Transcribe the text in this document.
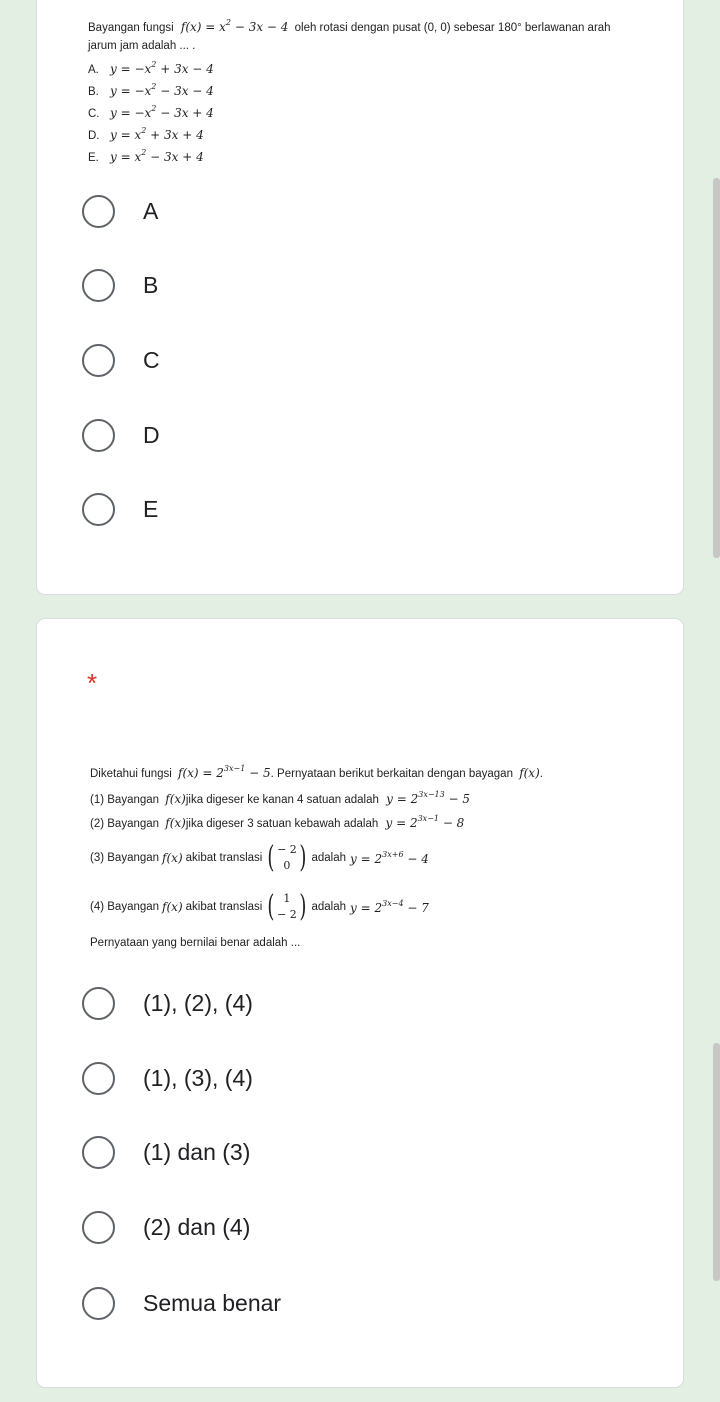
Bayangan fungsi $f(x) = x^2 - 3x - 4$ oleh rotasi dengan pusat (0, 0) sebesar 180° berlawanan arah
jarum jam adalah ... .
A. $y = -x^2 + 3x - 4$
B. $y = -x^2 - 3x - 4$
C. $y = -x^2 - 3x + 4$
D. $y = x^2 + 3x + 4$
E. $y = x^2 - 3x + 4$
A
B
C
D
E
*
Diketahui fungsi $f(x) = 2^{3x-1} - 5$. Pernyataan berikut berkaitan dengan bayagan f(x).
(1) Bayangan f(x)jika digeser ke kanan 4 satuan adalah $y = 2^{3x-13} - 5$
(2) Bayangan f(x)jika digeser 3 satuan kebawah adalah $y = 2^{3x-1} - 8$
(3) Bayangan f(x) akibat translasi ( − 2
0 ) adalah $y = 2^{3x+6} - 4$
(4) Bayangan f(x) akibat translasi ( 1
− 2 ) adalah $y = 2^{3x-4} - 7$
Pernyataan yang bernilai benar adalah ...
(1), (2), (4)
(1), (3), (4)
(1) dan (3)
(2) dan (4)
Semua benar
